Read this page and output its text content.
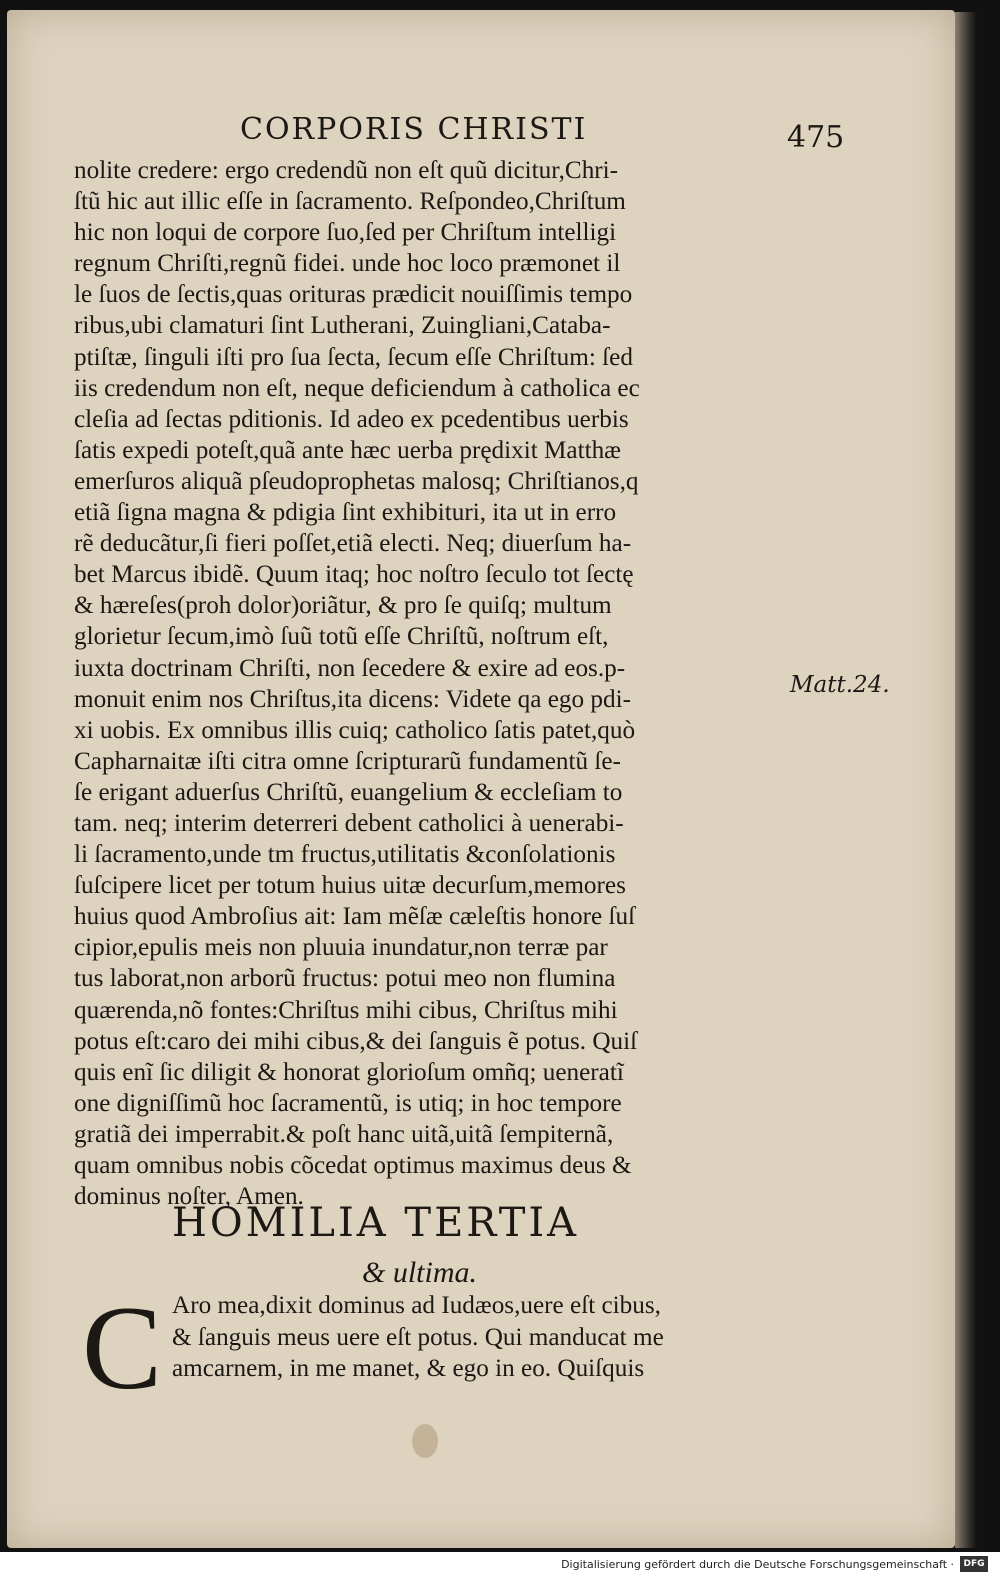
CORPORIS CHRISTI	475
Matt.24.
nolite credere: ergo credendũ non eſt quũ dicitur,Chri-
ſtũ hic aut illic eſſe in ſacramento. Reſpondeo,Chriſtum
hic non loqui de corpore ſuo,ſed per Chriſtum intelligi
regnum Chriſti,regnũ fidei. unde hoc loco præmonet il
le ſuos de ſectis,quas orituras prædicit nouiſſimis tempo
ribus,ubi clamaturi ſint Lutherani, Zuingliani,Cataba-
ptiſtæ, ſinguli iſti pro ſua ſecta, ſecum eſſe Chriſtum: ſed
iis credendum non eſt, neque deficiendum à catholica ec
cleſia ad ſectas pditionis. Id adeo ex pcedentibus uerbis
ſatis expedi poteſt,quã ante hæc uerba prędixit Matthæ
emerſuros aliquã pſeudoprophetas malosq; Chriſtianos,q
etiã ſigna magna & pdigia ſint exhibituri, ita ut in erro
rẽ deducãtur,ſi fieri poſſet,etiã electi. Neq; diuerſum ha-
bet Marcus ibidẽ. Quum itaq; hoc noſtro ſeculo tot ſectę
& hæreſes(proh dolor)oriãtur, & pro ſe quiſq; multum
glorietur ſecum,imò ſuũ totũ eſſe Chriſtũ, noſtrum eſt,
iuxta doctrinam Chriſti, non ſecedere & exire ad eos.p-
monuit enim nos Chriſtus,ita dicens: Videte qa ego pdi-
xi uobis. Ex omnibus illis cuiq; catholico ſatis patet,quò
Capharnaitæ iſti citra omne ſcripturarũ fundamentũ ſe-
ſe erigant aduerſus Chriſtũ, euangelium & eccleſiam to
tam. neq; interim deterreri debent catholici à uenerabi-
li ſacramento,unde tm fructus,utilitatis &conſolationis
ſuſcipere licet per totum huius uitæ decurſum,memores
huius quod Ambroſius ait: Iam mẽſæ cæleſtis honore ſuſ
cipior,epulis meis non pluuia inundatur,non terræ par
tus laborat,non arborũ fructus: potui meo non flumina
quærenda,nõ fontes:Chriſtus mihi cibus, Chriſtus mihi
potus eſt:caro dei mihi cibus,& dei ſanguis ẽ potus. Quiſ
quis enĩ ſic diligit & honorat glorioſum omñq; ueneratĩ
one digniſſimũ hoc ſacramentũ, is utiq; in hoc tempore
gratiã dei imperrabit.& poſt hanc uitã,uitã ſempiternã,
quam omnibus nobis cõcedat optimus maximus deus &
dominus noſter, Amen.
HOMILIA TERTIA
& ultima.
C Aro mea,dixit dominus ad Iudæos,uere eſt cibus,
& ſanguis meus uere eſt potus. Qui manducat me
amcarnem, in me manet, & ego in eo. Quiſquis
Digitalisierung gefördert durch die Deutsche Forschungsgemeinschaft ·	DFG
